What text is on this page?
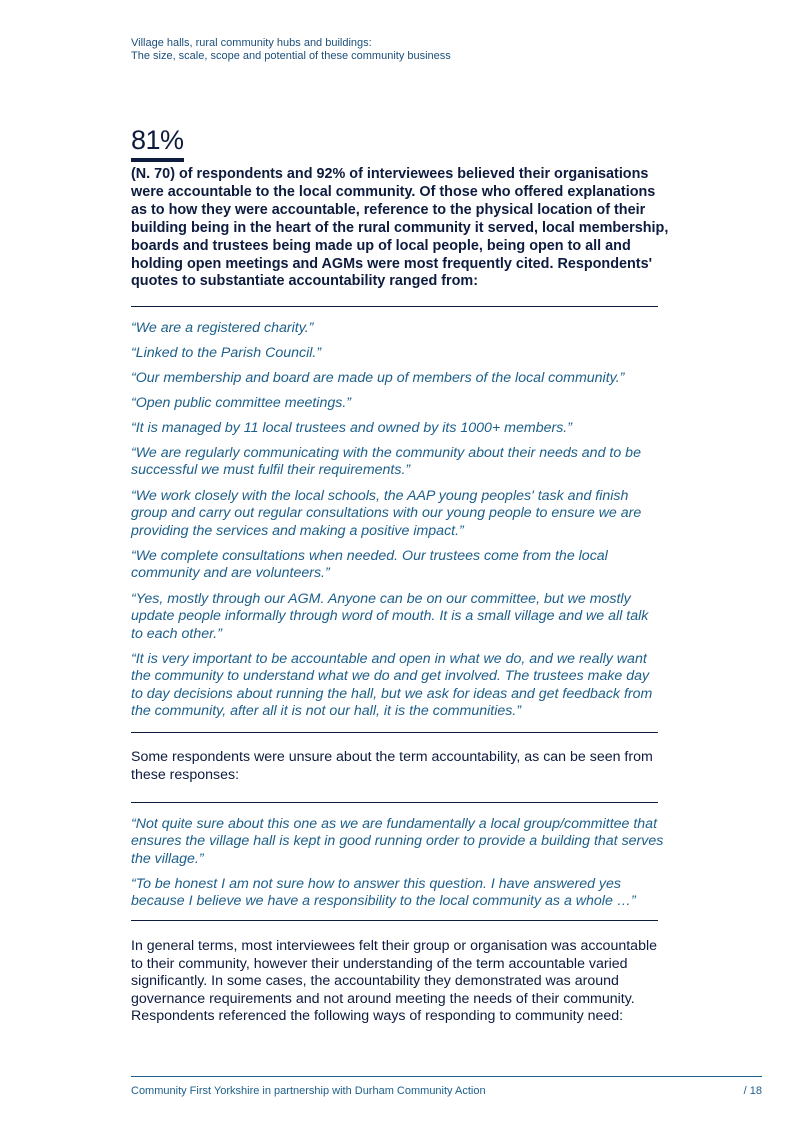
Village halls, rural community hubs and buildings:
The size, scale, scope and potential of these community business
81%
(N. 70) of respondents and 92% of interviewees believed their organisations
were accountable to the local community. Of those who offered explanations
as to how they were accountable, reference to the physical location of their
building being in the heart of the rural community it served, local membership,
boards and trustees being made up of local people, being open to all and
holding open meetings and AGMs were most frequently cited. Respondents'
quotes to substantiate accountability ranged from:
“We are a registered charity.”
“Linked to the Parish Council.”
“Our membership and board are made up of members of the local community.”
“Open public committee meetings.”
“It is managed by 11 local trustees and owned by its 1000+ members.”
“We are regularly communicating with the community about their needs and to be
successful we must fulfil their requirements.”
“We work closely with the local schools, the AAP young peoples' task and finish
group and carry out regular consultations with our young people to ensure we are
providing the services and making a positive impact.”
“We complete consultations when needed. Our trustees come from the local
community and are volunteers.”
“Yes, mostly through our AGM. Anyone can be on our committee, but we mostly
update people informally through word of mouth. It is a small village and we all talk
to each other.”
“It is very important to be accountable and open in what we do, and we really want
the community to understand what we do and get involved. The trustees make day
to day decisions about running the hall, but we ask for ideas and get feedback from
the community, after all it is not our hall, it is the communities.”
Some respondents were unsure about the term accountability, as can be seen from
these responses:
“Not quite sure about this one as we are fundamentally a local group/committee that
ensures the village hall is kept in good running order to provide a building that serves
the village.”
“To be honest I am not sure how to answer this question. I have answered yes
because I believe we have a responsibility to the local community as a whole …”
In general terms, most interviewees felt their group or organisation was accountable
to their community, however their understanding of the term accountable varied
significantly. In some cases, the accountability they demonstrated was around
governance requirements and not around meeting the needs of their community.
Respondents referenced the following ways of responding to community need:
Community First Yorkshire in partnership with Durham Community Action	/ 18
